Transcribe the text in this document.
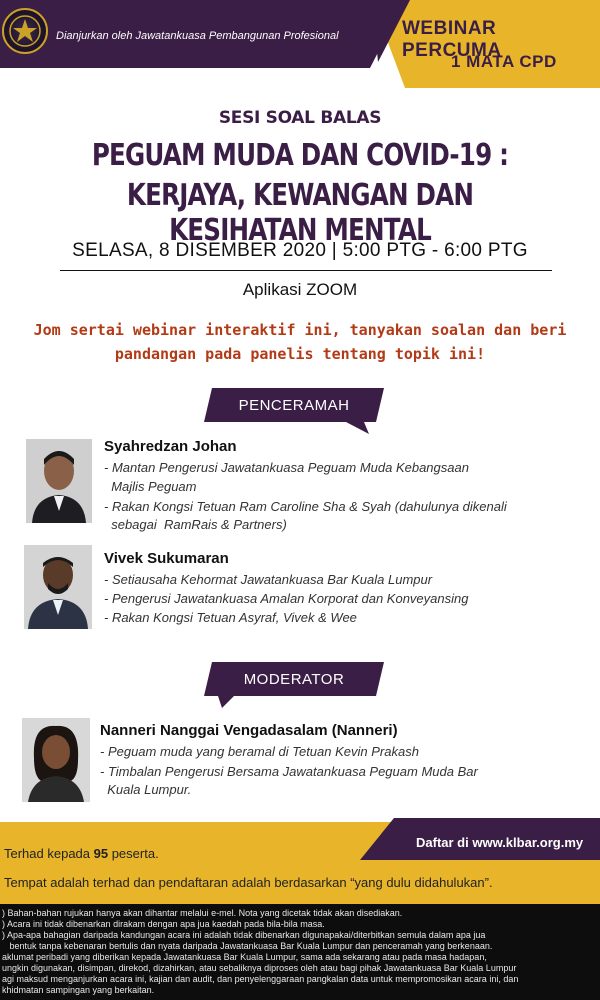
Dianjurkan oleh Jawatankuasa Pembangunan Profesional	WEBINAR PERCUMA
1 MATA CPD
SESI SOAL BALAS
PEGUAM MUDA DAN COVID-19 :
KERJAYA, KEWANGAN DAN KESIHATAN MENTAL
SELASA, 8 DISEMBER 2020 | 5:00 PTG - 6:00 PTG
Aplikasi ZOOM
Jom sertai webinar interaktif ini, tanyakan soalan dan beri pandangan pada panelis tentang topik ini!
PENCERAMAH
Syahredzan Johan
- Mantan Pengerusi Jawatankuasa Peguam Muda Kebangsaan
Majlis Peguam
- Rakan Kongsi Tetuan Ram Caroline Sha & Syah (dahulunya dikenali
sebagai  RamRais & Partners)
Vivek Sukumaran
- Setiausaha Kehormat Jawatankuasa Bar Kuala Lumpur
- Pengerusi Jawatankuasa Amalan Korporat dan Konveyansing
- Rakan Kongsi Tetuan Asyraf, Vivek & Wee
MODERATOR
Nanneri Nanggai Vengadasalam (Nanneri)
- Peguam muda yang beramal di Tetuan Kevin Prakash
- Timbalan Pengerusi Bersama Jawatankuasa Peguam Muda Bar
Kuala Lumpur.
Daftar di www.klbar.org.my
Terhad kepada 95 peserta.
Tempat adalah terhad dan pendaftaran adalah berdasarkan “yang dulu didahulukan”.
) Bahan-bahan rujukan hanya akan dihantar melalui e-mel. Nota yang dicetak tidak akan disediakan.
) Acara ini tidak dibenarkan dirakam dengan apa jua kaedah pada bila-bila masa.
) Apa-apa bahagian daripada kandungan acara ini adalah tidak dibenarkan digunapakai/diterbitkan semula dalam apa jua
bentuk tanpa kebenaran bertulis dan nyata daripada Jawatankuasa Bar Kuala Lumpur dan penceramah yang berkenaan.
aklumat peribadi yang diberikan kepada Jawatankuasa Bar Kuala Lumpur, sama ada sekarang atau pada masa hadapan,
ungkin digunakan, disimpan, direkod, dizahirkan, atau sebaliknya diproses oleh atau bagi pihak Jawatankuasa Bar Kuala Lumpur
agi maksud menganjurkan acara ini, kajian dan audit, dan penyelenggaraan pangkalan data untuk mempromosikan acara ini, dan
khidmatan sampingan yang berkaitan.
